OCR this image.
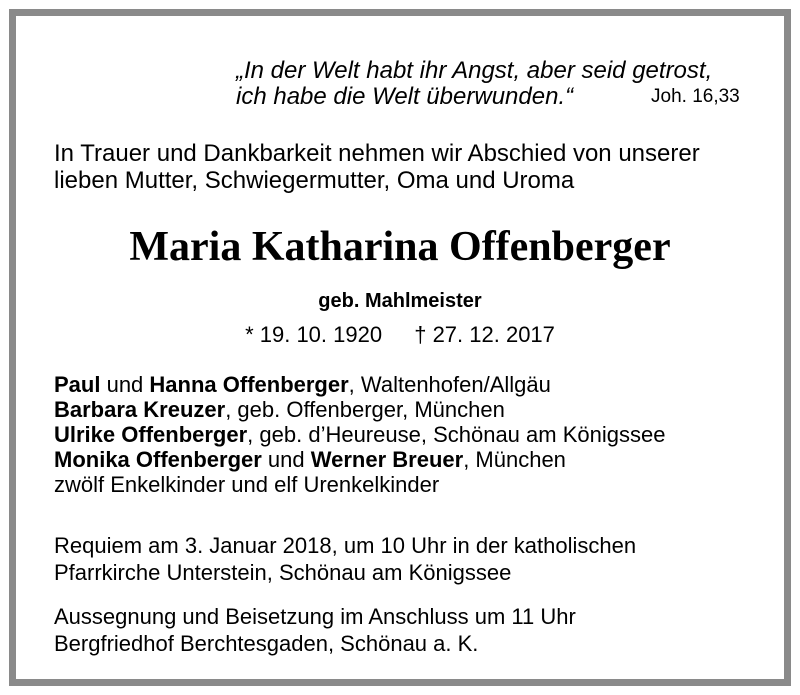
„In der Welt habt ihr Angst, aber seid getrost,
ich habe die Welt überwunden.“	Joh. 16,33
In Trauer und Dankbarkeit nehmen wir Abschied von unserer
lieben Mutter, Schwiegermutter, Oma und Uroma
Maria Katharina Offenberger
geb. Mahlmeister
* 19. 10. 1920 † 27. 12. 2017
Paul und Hanna Offenberger, Waltenhofen/Allgäu
Barbara Kreuzer, geb. Offenberger, München
Ulrike Offenberger, geb. d’Heureuse, Schönau am Königssee
Monika Offenberger und Werner Breuer, München
zwölf Enkelkinder und elf Urenkelkinder
Requiem am 3. Januar 2018, um 10 Uhr in der katholischen
Pfarrkirche Unterstein, Schönau am Königssee
Aussegnung und Beisetzung im Anschluss um 11 Uhr
Bergfriedhof Berchtesgaden, Schönau a. K.
